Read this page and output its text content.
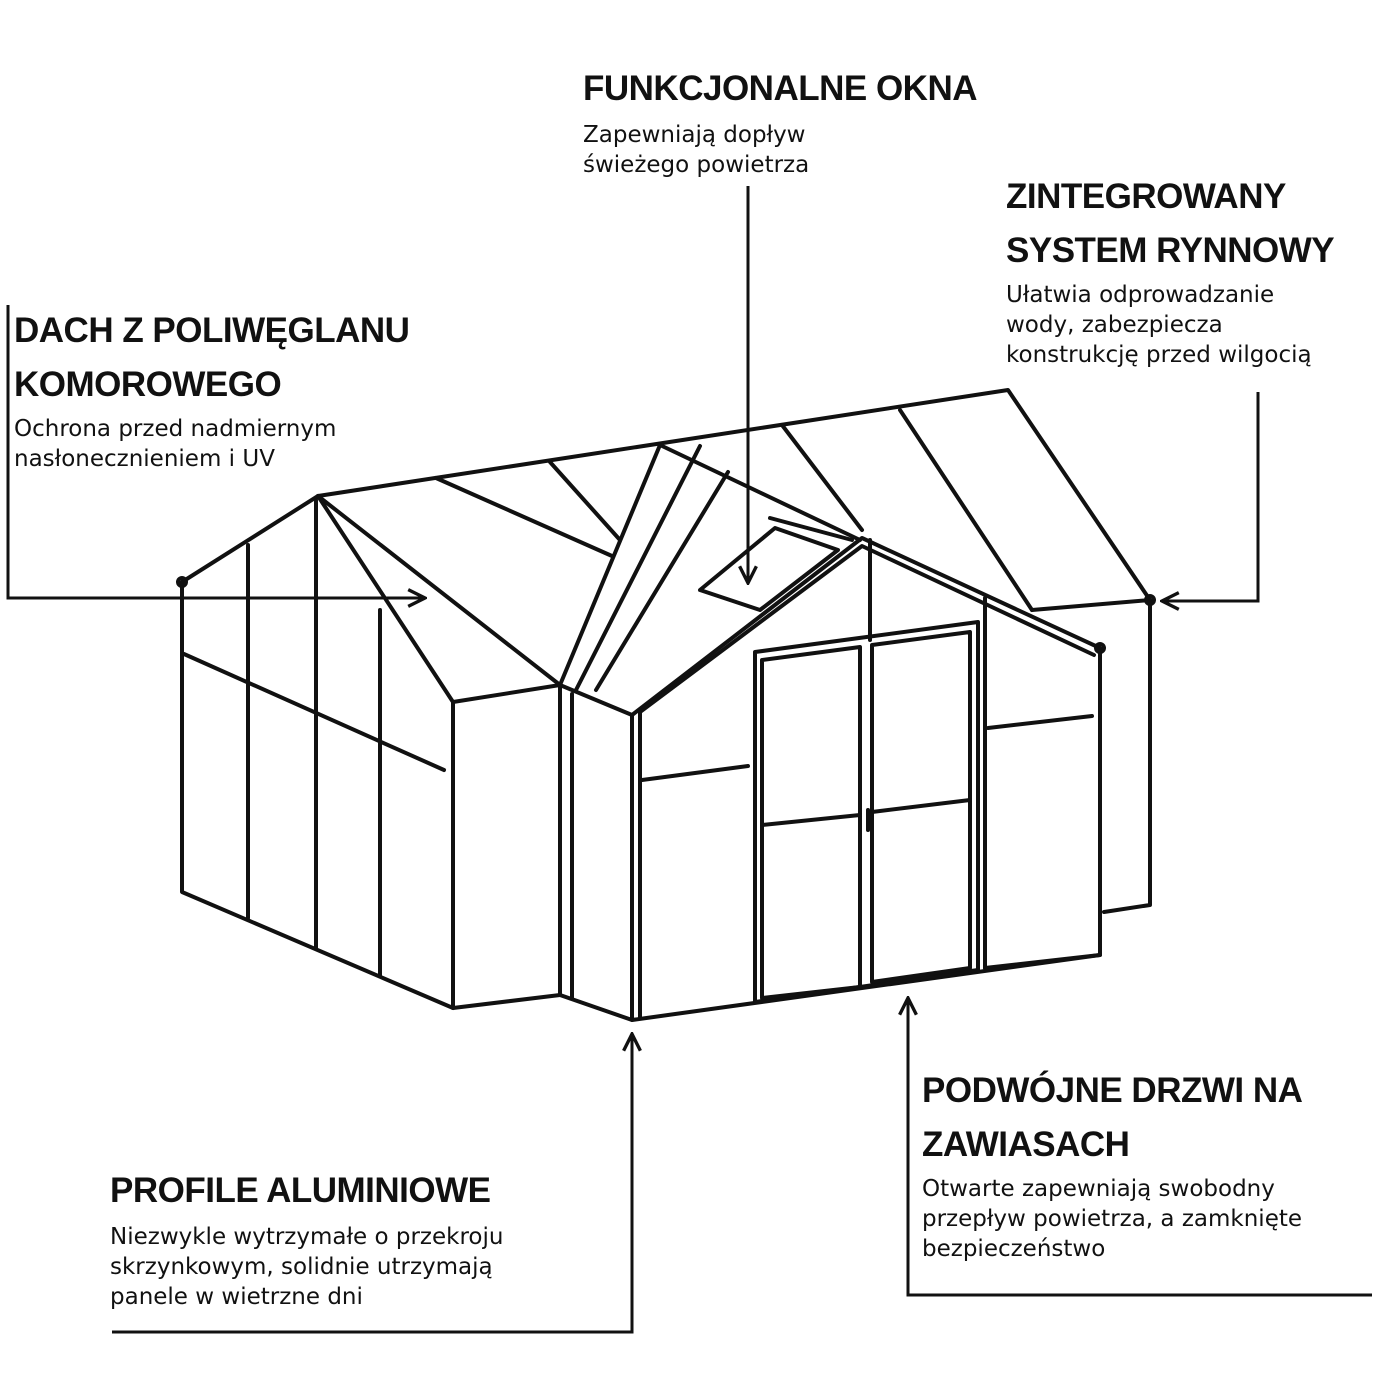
FUNKCJONALNE OKNA

Zapewniają dopływ
świeżego powietrza

ZINTEGROWANY
SYSTEM RYNNOWY

Ułatwia odprowadzanie
wody, zabezpiecza
konstrukcję przed wilgocią

DACH Z POLIWĘGLANU
KOMOROWEGO

Ochrona przed nadmiernym
nasłonecznieniem i UV

PROFILE ALUMINIOWE

Niezwykle wytrzymałe o przekroju
skrzynkowym, solidnie utrzymają
panele w wietrzne dni

PODWÓJNE DRZWI NA
ZAWIASACH

Otwarte zapewniają swobodny
przepływ powietrza, a zamknięte
bezpieczeństwo
